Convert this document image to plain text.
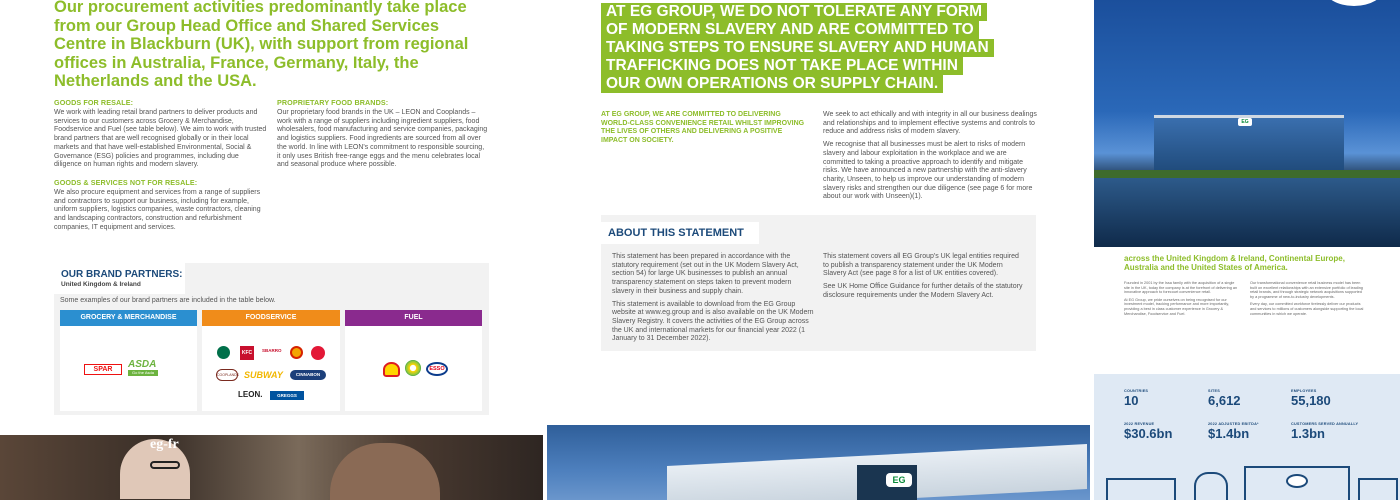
Our procurement activities predominantly take place from our Group Head Office and Shared Services Centre in Blackburn (UK), with support from regional offices in Australia, France, Germany, Italy, the Netherlands and the USA.
GOODS FOR RESALE:
We work with leading retail brand partners to deliver products and services to our customers across Grocery & Merchandise, Foodservice and Fuel (see table below). We aim to work with trusted brand partners that are well recognised globally or in their local markets and that have well-established Environmental, Social & Governance (ESG) policies and programmes, including due diligence on human rights and modern slavery.
GOODS & SERVICES NOT FOR RESALE:
We also procure equipment and services from a range of suppliers and contractors to support our business, including for example, uniform suppliers, logistics companies, waste contractors, cleaning and landscaping contractors, construction and refurbishment companies, IT equipment and services.
PROPRIETARY FOOD BRANDS:
Our proprietary food brands in the UK – LEON and Cooplands – work with a range of suppliers including ingredient suppliers, food wholesalers, food manufacturing and service companies, packaging and logistics suppliers. Food ingredients are sourced from all over the world. In line with LEON's commitment to responsible sourcing, it only uses British free-range eggs and the menu celebrates local and seasonal produce where possible.
OUR BRAND PARTNERS:
United Kingdom & Ireland
Some examples of our brand partners are included in the table below.
GROCERY & MERCHANDISE
SPAR	ASDA
Go the Asda
FOODSERVICE
KFC	SBARRO
COOPLANDS SUBWAY	CINNABON
LEON.	GREGGS
FUEL
ESSO
eg-fr
AT EG GROUP, WE DO NOT TOLERATE ANY FORM
OF MODERN SLAVERY AND ARE COMMITTED TO
TAKING STEPS TO ENSURE SLAVERY AND HUMAN
TRAFFICKING DOES NOT TAKE PLACE WITHIN
OUR OWN OPERATIONS OR SUPPLY CHAIN.
AT EG GROUP, WE ARE COMMITTED TO DELIVERING WORLD-CLASS CONVENIENCE RETAIL WHILST IMPROVING THE LIVES OF OTHERS AND DELIVERING A POSITIVE IMPACT ON SOCIETY.

We seek to act ethically and with integrity in all our business dealings and relationships and to implement effective systems and controls to reduce and address risks of modern slavery.

We recognise that all businesses must be alert to risks of modern slavery and labour exploitation in the workplace and we are committed to taking a proactive approach to identify and mitigate risks. We have announced a new partnership with the anti-slavery charity, Unseen, to help us improve our understanding of modern slavery risks and strengthen our due diligence (see page 6 for more about our work with Unseen)(1).

ABOUT THIS STATEMENT

This statement has been prepared in accordance with the statutory requirement (set out in the UK Modern Slavery Act, section 54) for large UK businesses to publish an annual transparency statement on steps taken to prevent modern slavery in their business and supply chain.

This statement is available to download from the EG Group website at www.eg.group and is also available on the UK Modern Slavery Registry. It covers the activities of the EG Group across the UK and international markets for our financial year 2022 (1 January to 31 December 2022).

This statement covers all EG Group's UK legal entities required to publish a transparency statement under the UK Modern Slavery Act (see page 8 for a list of UK entities covered).

See UK Home Office Guidance for further details of the statutory disclosure requirements under the Modern Slavery Act.

EG
EG
across the United Kingdom & Ireland, Continental Europe, Australia and the United States of America.

Founded in 2001 by the Issa family with the acquisition of a single site in the UK, today the company is at the forefront of delivering an innovative approach to forecourt convenience retail.

At EG Group, we pride ourselves on being recognised for our investment model, tracking performance and more importantly, providing a best in class customer experience in Grocery & Merchandise, Foodservice and Fuel.

Our transformational convenience retail business model has been built on excellent relationships with an extensive portfolio of leading retail brands, and through strategic network acquisitions supported by a programme of new-to-industry developments.

Every day, our committed workforce tirelessly deliver our products and services to millions of customers alongside supporting the local communities in which we operate.

COUNTRIES
10
SITES
6,612
EMPLOYEES
55,180
2022 REVENUE
$30.6bn
2022 ADJUSTED EBITDA*
$1.4bn
CUSTOMERS SERVED ANNUALLY
1.3bn
